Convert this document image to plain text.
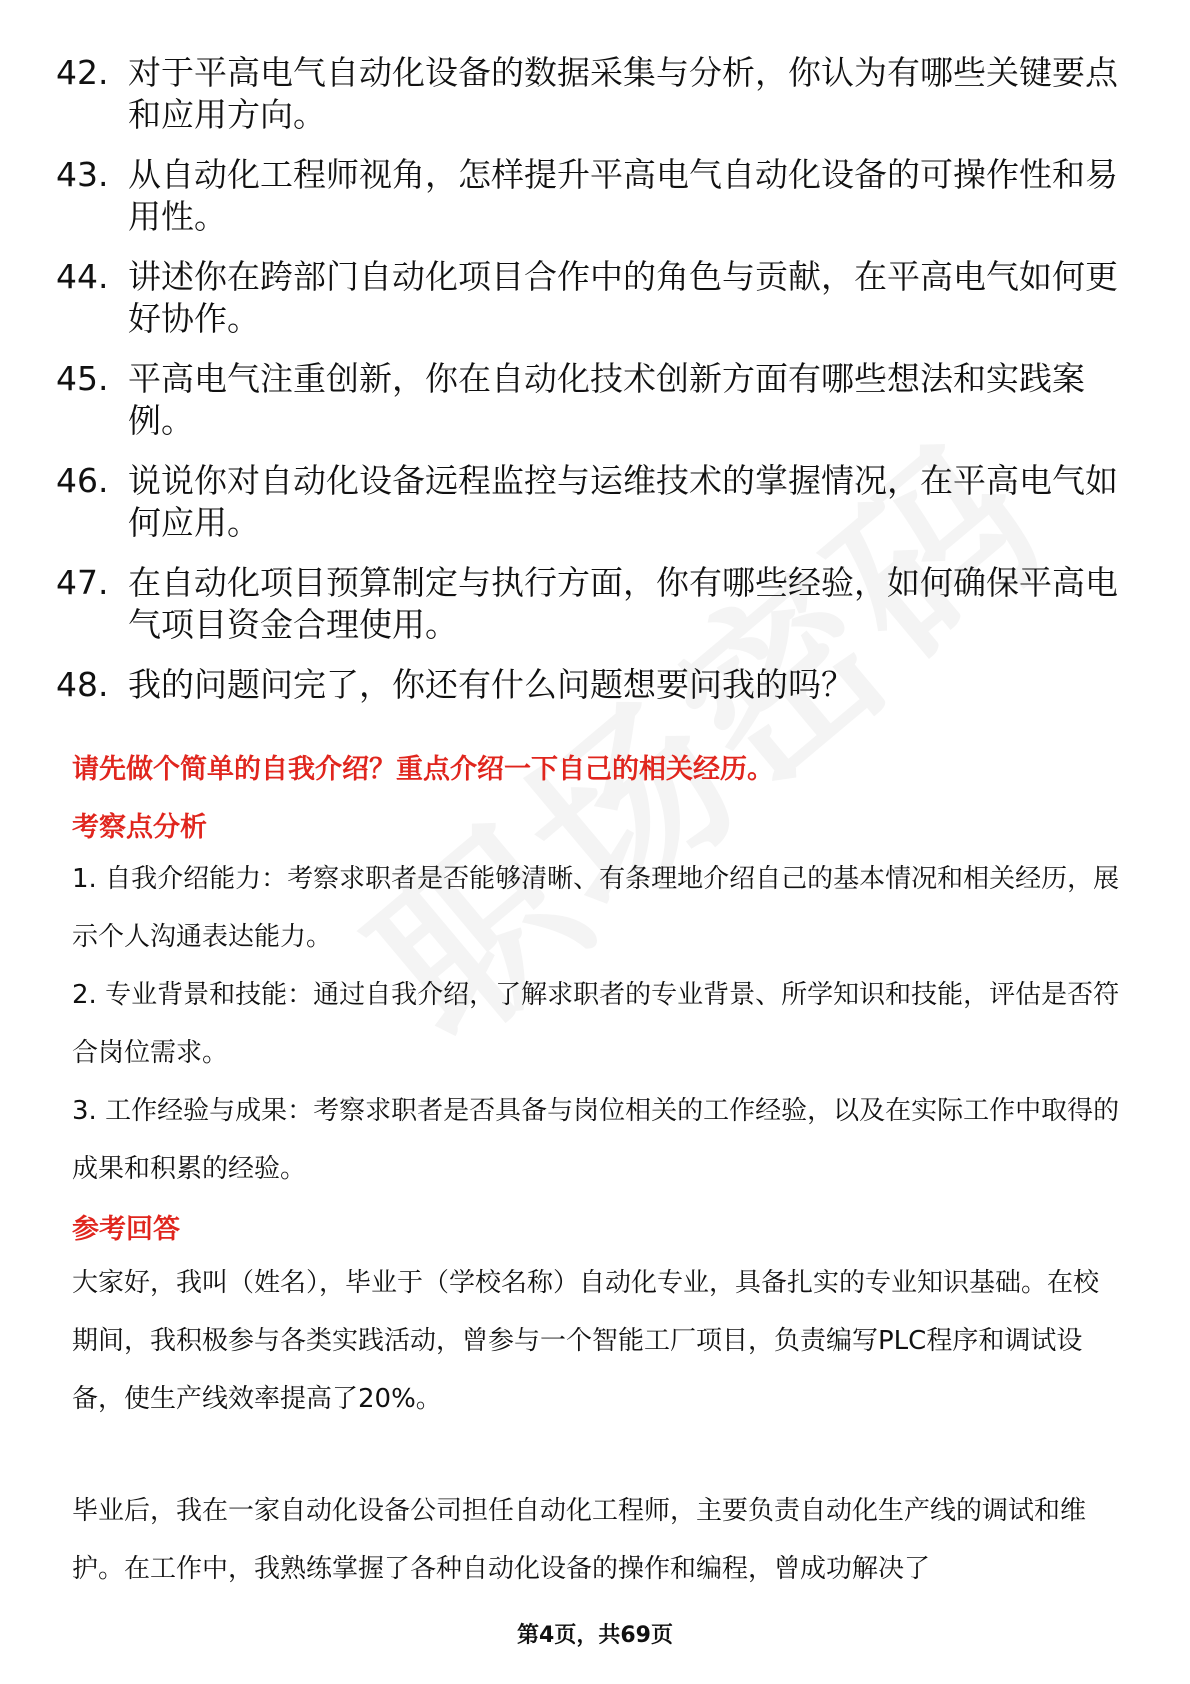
42. 对于平高电气自动化设备的数据采集与分析，你认为有哪些关键要点和应用方向。
43. 从自动化工程师视角，怎样提升平高电气自动化设备的可操作性和易用性。
44. 讲述你在跨部门自动化项目合作中的角色与贡献，在平高电气如何更好协作。
45. 平高电气注重创新，你在自动化技术创新方面有哪些想法和实践案例。
46. 说说你对自动化设备远程监控与运维技术的掌握情况，在平高电气如何应用。
47. 在自动化项目预算制定与执行方面，你有哪些经验，如何确保平高电气项目资金合理使用。
48. 我的问题问完了，你还有什么问题想要问我的吗？

请先做个简单的自我介绍？重点介绍一下自己的相关经历。

考察点分析

1. 自我介绍能力：考察求职者是否能够清晰、有条理地介绍自己的基本情况和相关经历，展示个人沟通表达能力。

2. 专业背景和技能：通过自我介绍，了解求职者的专业背景、所学知识和技能，评估是否符合岗位需求。

3. 工作经验与成果：考察求职者是否具备与岗位相关的工作经验，以及在实际工作中取得的成果和积累的经验。

参考回答

大家好，我叫（姓名），毕业于（学校名称）自动化专业，具备扎实的专业知识基础。在校期间，我积极参与各类实践活动，曾参与一个智能工厂项目，负责编写PLC程序和调试设备，使生产线效率提高了20%。

毕业后，我在一家自动化设备公司担任自动化工程师，主要负责自动化生产线的调试和维护。在工作中，我熟练掌握了各种自动化设备的操作和编程，曾成功解决了

第4页，共69页
